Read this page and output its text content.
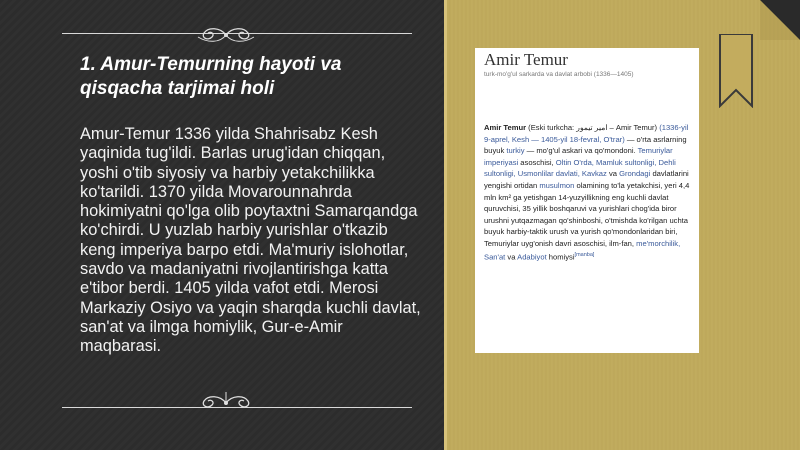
1. Amur-Temurning hayoti va qisqacha tarjimai holi

Amur-Temur 1336 yilda Shahrisabz Kesh yaqinida tug'ildi. Barlas urug'idan chiqqan, yoshi o'tib siyosiy va harbiy yetakchilikka ko'tarildi. 1370 yilda Movarounnahrda hokimiyatni qo'lga olib poytaxtni Samarqandga ko'chirdi. U yuzlab harbiy yurishlar o'tkazib keng imperiya barpo etdi. Ma'muriy islohotlar, savdo va madaniyatni rivojlantirishga katta e'tibor berdi. 1405 yilda vafot etdi. Merosi Markaziy Osiyo va yaqin sharqda kuchli davlat, san'at va ilmga homiylik, Gur-e-Amir maqbarasi.

Amir Temur
turk-mo'g'ul sarkarda va davlat arbobi (1336—1405)

Amir Temur (Eski turkcha: امیر تیمور – Amir Temur) (1336-yil 9-aprel, Kesh — 1405-yil 18-fevral, O'trar) — o'rta asrlarning buyuk turkiy — mo'g'ul askari va qo'mondoni. Temuriylar imperiyasi asoschisi, Oltin O'rda, Mamluk sultonligi, Dehli sultonligi, Usmonlilar davlati, Kavkaz va Grondagi davlatlarini yengishi ortidan musulmon olamining to'la yetakchisi, yeri 4,4 mln km² ga yetishgan 14-yuzyillikning eng kuchli davlat quruvchisi, 35 yillik boshqaruvi va yurishlari chog'ida biror urushni yutqazmagan qo'shinboshi, o'tmishda ko'rilgan uchta buyuk harbiy-taktik urush va yurish qo'mondonlaridan biri, Temuriylar uyg'onish davri asoschisi, ilm-fan, me'morchilik, San'at va Adabiyot homiysi[manba]
